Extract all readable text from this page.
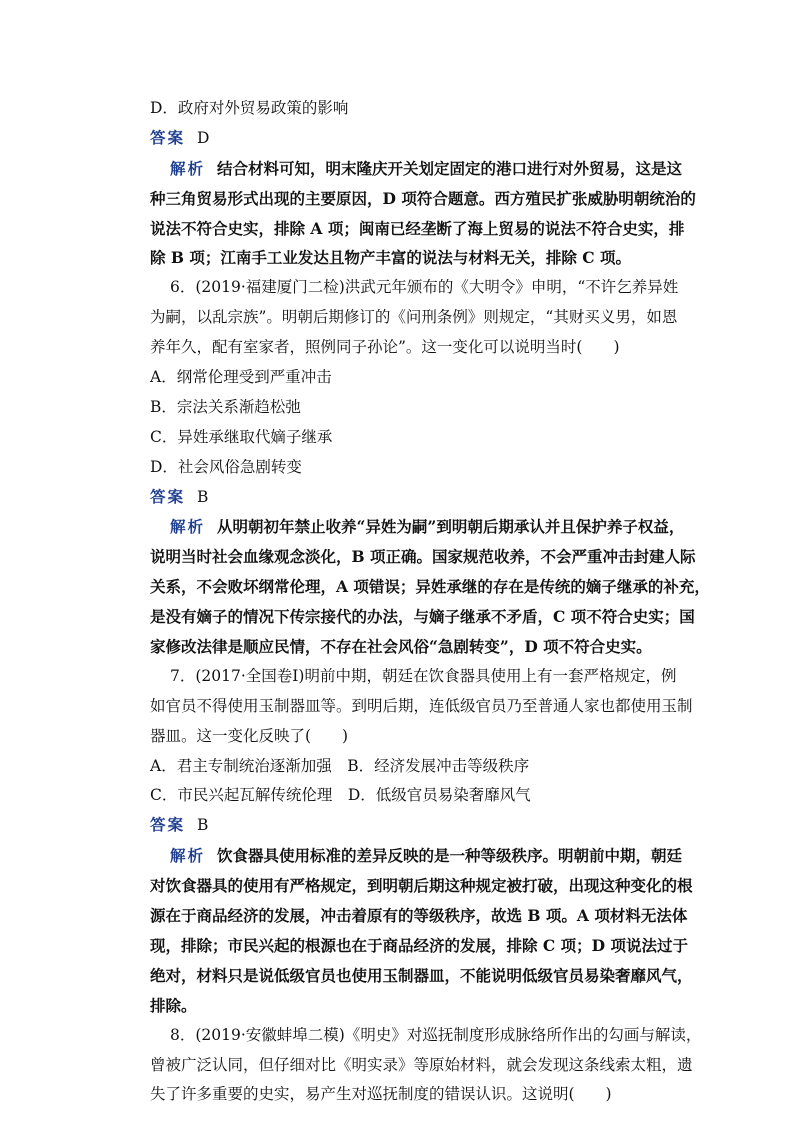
D．政府对外贸易政策的影响
答案 D
解析 结合材料可知，明末隆庆开关划定固定的港口进行对外贸易，这是这
种三角贸易形式出现的主要原因，D 项符合题意。西方殖民扩张威胁明朝统治的
说法不符合史实，排除 A 项；闽南已经垄断了海上贸易的说法不符合史实，排
除 B 项；江南手工业发达且物产丰富的说法与材料无关，排除 C 项。
6．(2019·福建厦门二检)洪武元年颁布的《大明令》申明，“不许乞养异姓
为嗣，以乱宗族”。明朝后期修订的《问刑条例》则规定，“其财买义男，如恩
养年久，配有室家者，照例同子孙论”。这一变化可以说明当时(　　)
A．纲常伦理受到严重冲击
B．宗法关系渐趋松弛
C．异姓承继取代嫡子继承
D．社会风俗急剧转变
答案 B
解析 从明朝初年禁止收养“异姓为嗣”到明朝后期承认并且保护养子权益，
说明当时社会血缘观念淡化，B 项正确。国家规范收养，不会严重冲击封建人际
关系，不会败坏纲常伦理，A 项错误；异姓承继的存在是传统的嫡子继承的补充，
是没有嫡子的情况下传宗接代的办法，与嫡子继承不矛盾，C 项不符合史实；国
家修改法律是顺应民情，不存在社会风俗“急剧转变”，D 项不符合史实。
7．(2017·全国卷Ⅰ)明前中期，朝廷在饮食器具使用上有一套严格规定，例
如官员不得使用玉制器皿等。到明后期，连低级官员乃至普通人家也都使用玉制
器皿。这一变化反映了(　　)
A．君主专制统治逐渐加强　B．经济发展冲击等级秩序
C．市民兴起瓦解传统伦理　D．低级官员易染奢靡风气
答案 B
解析 饮食器具使用标准的差异反映的是一种等级秩序。明朝前中期，朝廷
对饮食器具的使用有严格规定，到明朝后期这种规定被打破，出现这种变化的根
源在于商品经济的发展，冲击着原有的等级秩序，故选 B 项。A 项材料无法体
现，排除；市民兴起的根源也在于商品经济的发展，排除 C 项；D 项说法过于
绝对，材料只是说低级官员也使用玉制器皿，不能说明低级官员易染奢靡风气，
排除。
8．(2019·安徽蚌埠二模)《明史》对巡抚制度形成脉络所作出的勾画与解读，
曾被广泛认同，但仔细对比《明实录》等原始材料，就会发现这条线索太粗，遗
失了许多重要的史实，易产生对巡抚制度的错误认识。这说明(　　)
